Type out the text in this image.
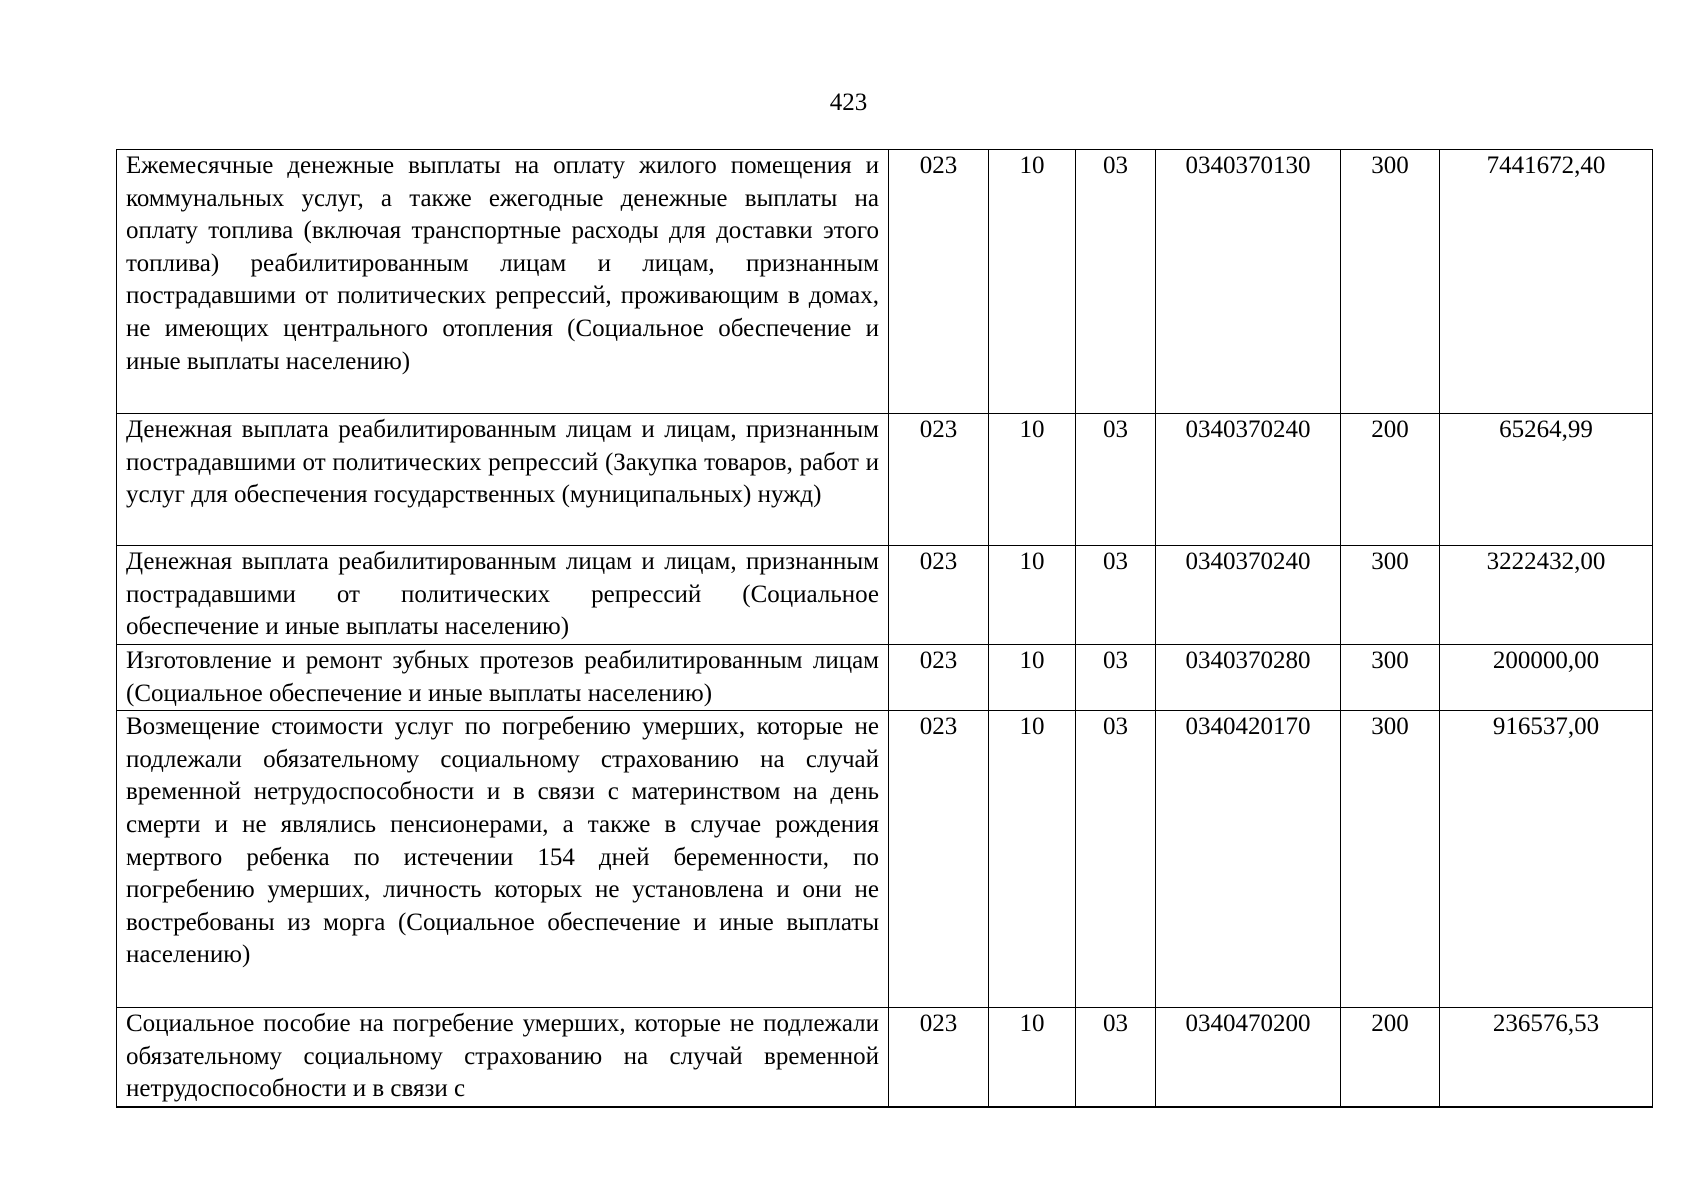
423
Ежемесячные денежные выплаты на оплату жилого помещения и коммунальных услуг, а также ежегодные денежные выплаты на оплату топлива (включая транспортные расходы для доставки этого топлива) реабилитированным лицам и лицам, признанным пострадавшими от политических репрессий, проживающим в домах, не имеющих центрального отопления (Социальное обеспечение и иные выплаты населению)	023	10	03	0340370130	300	7441672,40
Денежная выплата реабилитированным лицам и лицам, признанным пострадавшими от политических репрессий (Закупка товаров, работ и услуг для обеспечения государственных (муниципальных) нужд)	023	10	03	0340370240	200	65264,99
Денежная выплата реабилитированным лицам и лицам, признанным пострадавшими от политических репрессий (Социальное обеспечение и иные выплаты населению)	023	10	03	0340370240	300	3222432,00
Изготовление и ремонт зубных протезов реабилитированным лицам (Социальное обеспечение и иные выплаты населению)	023	10	03	0340370280	300	200000,00
Возмещение стоимости услуг по погребению умерших, которые не подлежали обязательному социальному страхованию на случай временной нетрудоспособности и в связи с материнством на день смерти и не являлись пенсионерами, а также в случае рождения мертвого ребенка по истечении 154 дней беременности, по погребению умерших, личность которых не установлена и они не востребованы из морга (Социальное обеспечение и иные выплаты населению)	023	10	03	0340420170	300	916537,00
Социальное пособие на погребение умерших, которые не подлежали обязательному социальному страхованию на случай временной нетрудоспособности и в связи с	023	10	03	0340470200	200	236576,53
